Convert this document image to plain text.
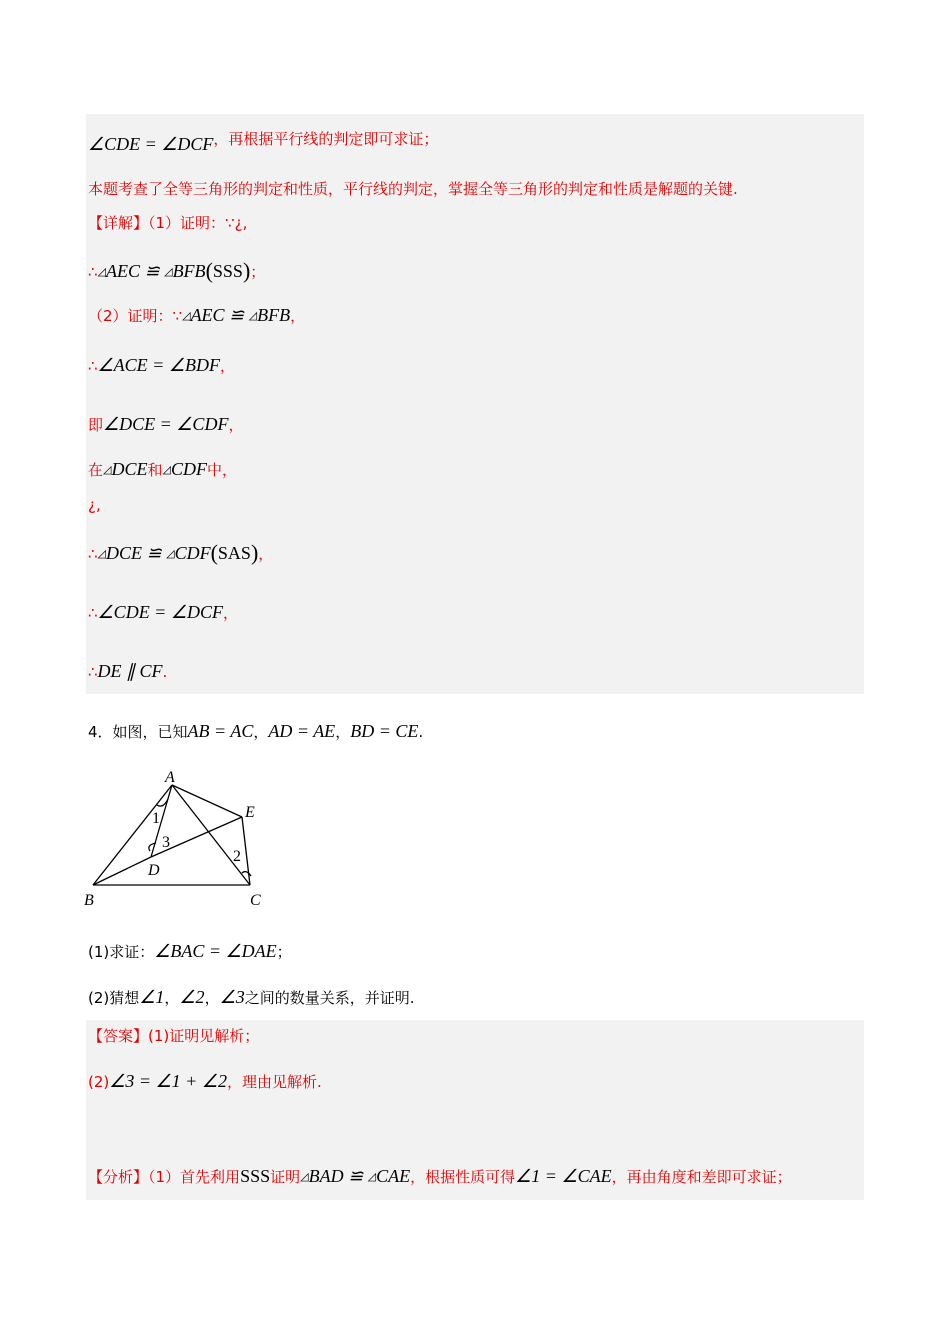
∠CDE = ∠DCF，再根据平行线的判定即可求证；
本题考查了全等三角形的判定和性质，平行线的判定，掌握全等三角形的判定和性质是解题的关键.
【详解】（1）证明：∵¿,
∴◿AEC ≌ ◿BFB(SSS)；
（2）证明：∵◿AEC ≌ ◿BFB，
∴∠ACE = ∠BDF，
即∠DCE = ∠CDF，
在◿DCE和◿CDF中，
¿,
∴◿DCE ≌ ◿CDF(SAS)，
∴∠CDE = ∠DCF，
∴DE ∥ CF.
4．如图，已知AB = AC，AD = AE，BD = CE.
A
B	C
D
E
1
2
3
(1)求证：∠BAC = ∠DAE；
(2)猜想∠1，∠2，∠3之间的数量关系，并证明.
【答案】(1)证明见解析；
(2)∠3 = ∠1 + ∠2，理由见解析.
【分析】（1）首先利用SSS证明◿BAD ≌ ◿CAE，根据性质可得∠1 = ∠CAE，再由角度和差即可求证；
